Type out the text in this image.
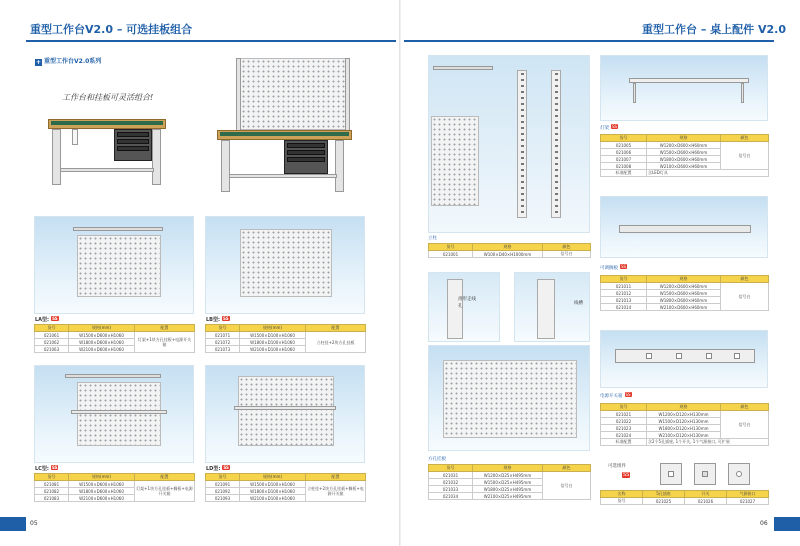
重型工作台V2.0 – 可选挂板组合
+ 重型工作台V2.0系列
工作台和挂板可灵活组合!
LA型: SS
货号	规格(mm)	配置
021061	W1500×D600×H1060	灯架+1块方孔挂板+电源开关箱
021062	W1800×D600×H1060	
021063	W2100×D600×H1060	
LB型: SS
货号	规格(mm)	配置
021071	W1500×D100×H1060	立柱挂+2块方孔挂板
021072	W1800×D100×H1060	
021073	W2100×D100×H1060	
LC型: SS
货号	规格(mm)	配置
021081	W1500×D600×H1060	灯架+1块方孔挂板+搁板+电源开关箱
021082	W1800×D600×H1060	
021083	W2100×D600×H1060	
LD型: SS
货号	规格(mm)	配置
021091	W1500×D100×H1060	立柱挂+2块方孔挂板+搁板+电源开关箱
021092	W1800×D100×H1060	
021093	W2100×D100×H1060	
05
重型工作台 – 桌上配件 V2.0
立柱
货号	规格	颜色
021001	W100×D40×H1000mm	信号白
滑形走线孔
线槽
方孔挂板
货号	规格	颜色
021031	W1200×D25×H495mm	信号白
021032	W1500×D25×H495mm	
021033	W1800×D25×H495mm	
021034	W2100×D25×H495mm	
灯架 SS
货号	规格	颜色
021005	W1200×D600×H60mm	信号白
021006	W1500×D600×H60mm	
021007	W1800×D600×H60mm	
021008	W2100×D600×H60mm	
标准配置	含LED灯具	
可调搁板 SS
货号	规格	颜色
021011	W1200×D600×H60mm	信号白
021012	W1500×D600×H60mm	
021013	W1800×D600×H60mm	
021014	W2100×D600×H60mm	
电源开关箱 SS
货号	规格	颜色
021021	W1200×D120×H130mm	信号白
021022	W1500×D120×H130mm	
021023	W1800×D120×H130mm	
021024	W2100×D120×H130mm	
标准配置	含2个5孔插座, 1个开关, 1个气源接口, 可扩展	
可选组件
SS
名称	5孔插座	开关	气源接口
货号	021025	021026	021027
06
